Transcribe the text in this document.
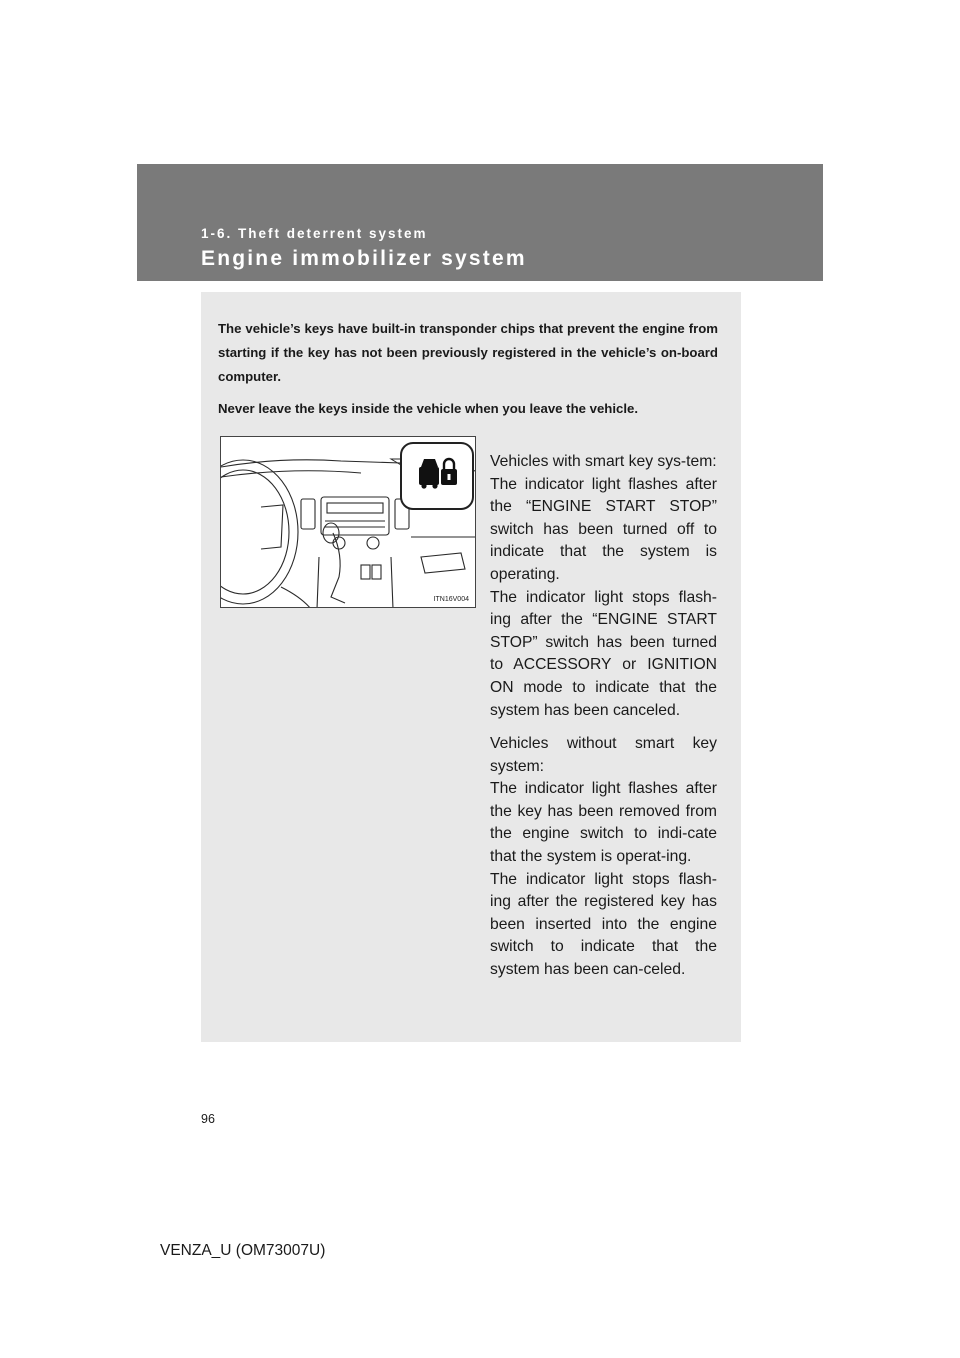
1-6. Theft deterrent system
Engine immobilizer system

The vehicle’s keys have built-in transponder chips that prevent the engine from starting if the key has not been previously registered in the vehicle’s on-board computer.

Never leave the keys inside the vehicle when you leave the vehicle.

ITN16V004
Vehicles with smart key sys-tem:
The indicator light flashes after the “ENGINE START STOP” switch has been turned off to indicate that the system is operating.
The indicator light stops flash-ing after the “ENGINE START STOP” switch has been turned to ACCESSORY or IGNITION ON mode to indicate that the system has been canceled.
Vehicles without smart key system:
The indicator light flashes after the key has been removed from the engine switch to indi-cate that the system is operat-ing.
The indicator light stops flash-ing after the registered key has been inserted into the engine switch to indicate that the system has been can-celed.
96
VENZA_U (OM73007U)
